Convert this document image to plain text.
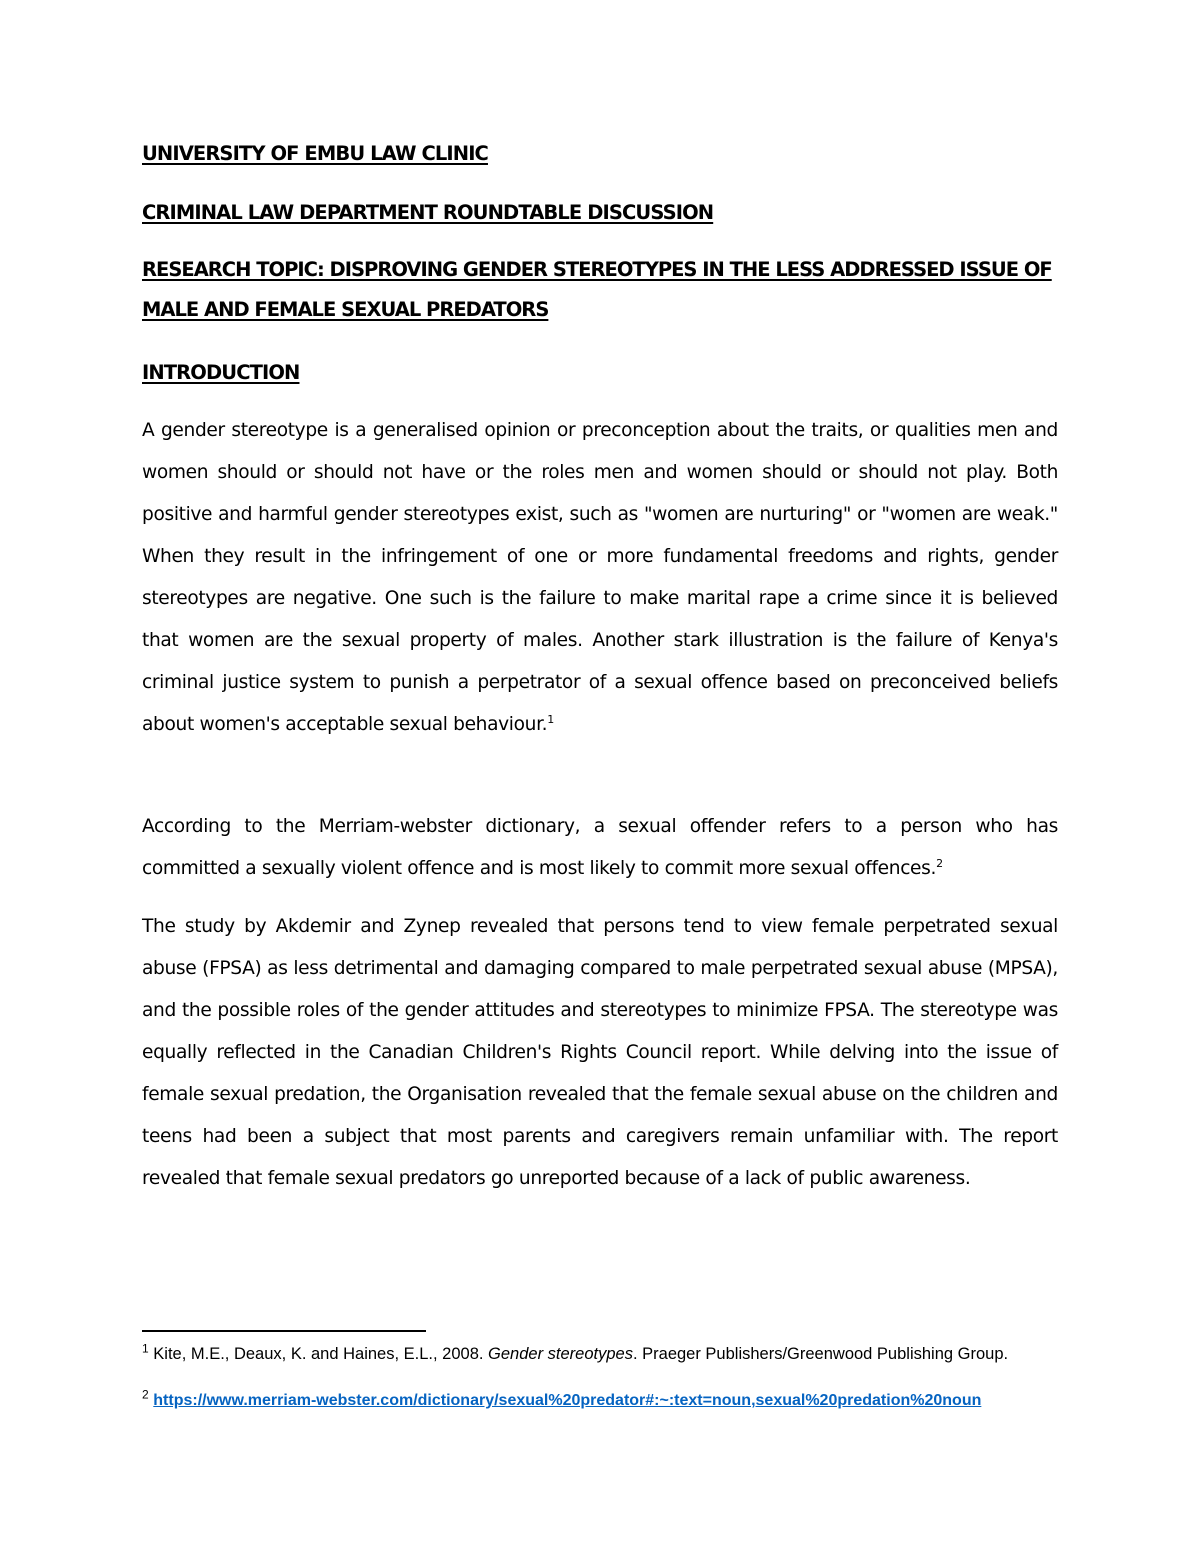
UNIVERSITY OF EMBU LAW CLINIC

CRIMINAL LAW DEPARTMENT ROUNDTABLE DISCUSSION

RESEARCH TOPIC: DISPROVING GENDER STEREOTYPES IN THE LESS ADDRESSED ISSUE OF MALE AND FEMALE SEXUAL PREDATORS

INTRODUCTION

A gender stereotype is a generalised opinion or preconception about the traits, or qualities men and women should or should not have or the roles men and women should or should not play. Both positive and harmful gender stereotypes exist, such as "women are nurturing" or "women are weak." When they result in the infringement of one or more fundamental freedoms and rights, gender stereotypes are negative. One such is the failure to make marital rape a crime since it is believed that women are the sexual property of males. Another stark illustration is the failure of Kenya's criminal justice system to punish a perpetrator of a sexual offence based on preconceived beliefs about women's acceptable sexual behaviour.$^1$

According to the Merriam-webster dictionary, a sexual offender refers to a person who has committed a sexually violent offence and is most likely to commit more sexual offences.$^2$

The study by Akdemir and Zynep revealed that persons tend to view female perpetrated sexual abuse (FPSA) as less detrimental and damaging compared to male perpetrated sexual abuse (MPSA), and the possible roles of the gender attitudes and stereotypes to minimize FPSA. The stereotype was equally reflected in the Canadian Children's Rights Council report. While delving into the issue of female sexual predation, the Organisation revealed that the female sexual abuse on the children and teens had been a subject that most parents and caregivers remain unfamiliar with. The report revealed that female sexual predators go unreported because of a lack of public awareness.

$^1$ Kite, M.E., Deaux, K. and Haines, E.L., 2008. Gender stereotypes. Praeger Publishers/Greenwood Publishing Group.

$^2$ https://www.merriam-webster.com/dictionary/sexual%20predator#:~:text=noun,sexual%20predation%20noun
